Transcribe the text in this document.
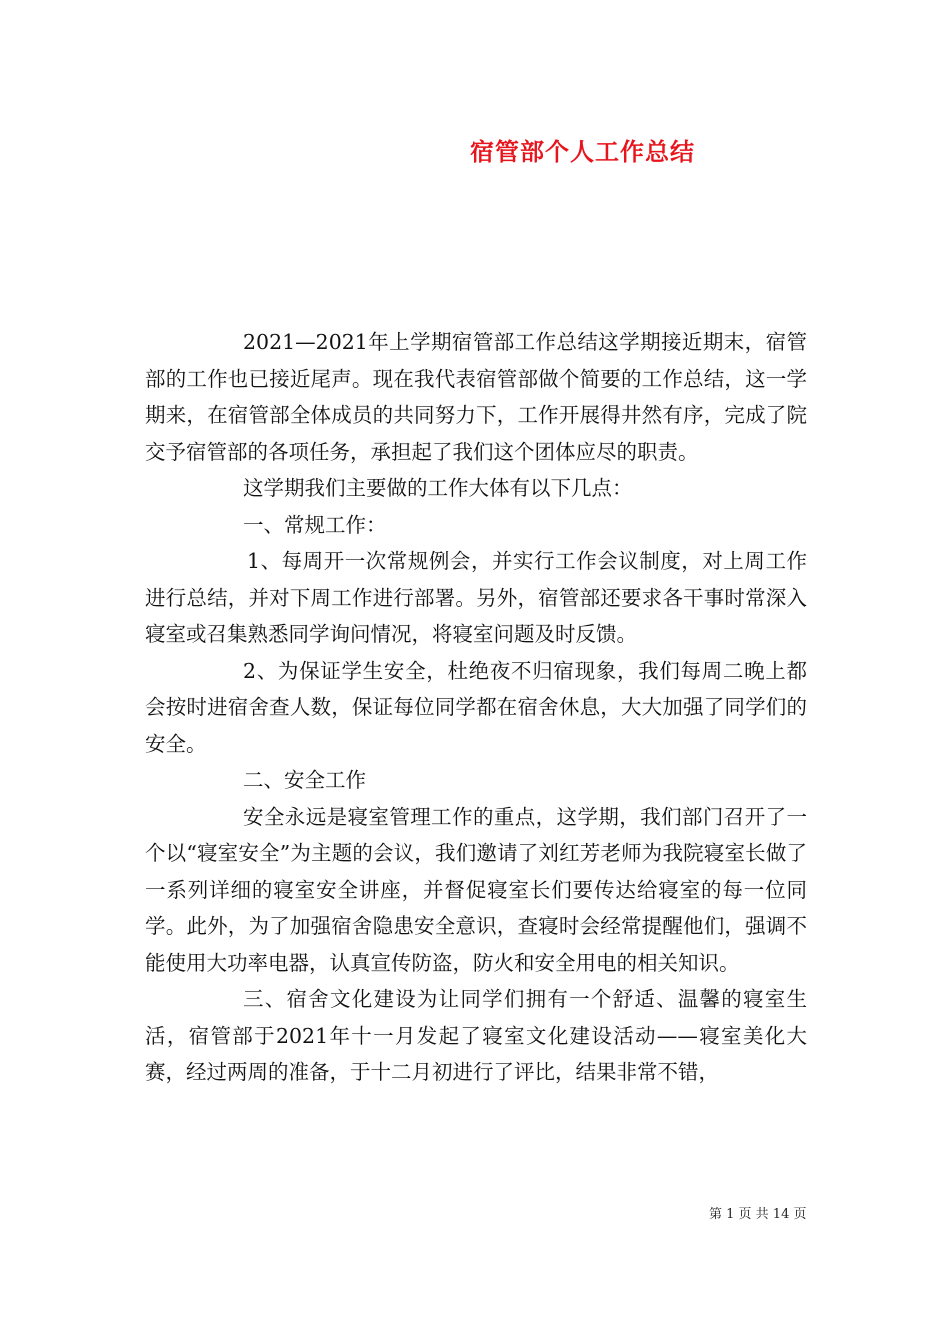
宿管部个人工作总结

2021—2021年上学期宿管部工作总结这学期接近期末，宿管部的工作也已接近尾声。现在我代表宿管部做个简要的工作总结，这一学期来，在宿管部全体成员的共同努力下，工作开展得井然有序，完成了院交予宿管部的各项任务，承担起了我们这个团体应尽的职责。

这学期我们主要做的工作大体有以下几点：

一、常规工作：

1、每周开一次常规例会，并实行工作会议制度，对上周工作进行总结，并对下周工作进行部署。另外，宿管部还要求各干事时常深入寝室或召集熟悉同学询问情况，将寝室问题及时反馈。

2、为保证学生安全，杜绝夜不归宿现象，我们每周二晚上都会按时进宿舍查人数，保证每位同学都在宿舍休息，大大加强了同学们的安全。

二、安全工作

安全永远是寝室管理工作的重点，这学期，我们部门召开了一个以“寝室安全”为主题的会议，我们邀请了刘红芳老师为我院寝室长做了一系列详细的寝室安全讲座，并督促寝室长们要传达给寝室的每一位同学。此外，为了加强宿舍隐患安全意识，查寝时会经常提醒他们，强调不能使用大功率电器，认真宣传防盗，防火和安全用电的相关知识。

三、宿舍文化建设为让同学们拥有一个舒适、温馨的寝室生活，宿管部于2021年十一月发起了寝室文化建设活动——寝室美化大赛，经过两周的准备，于十二月初进行了评比，结果非常不错，

第 1 页 共 14 页
